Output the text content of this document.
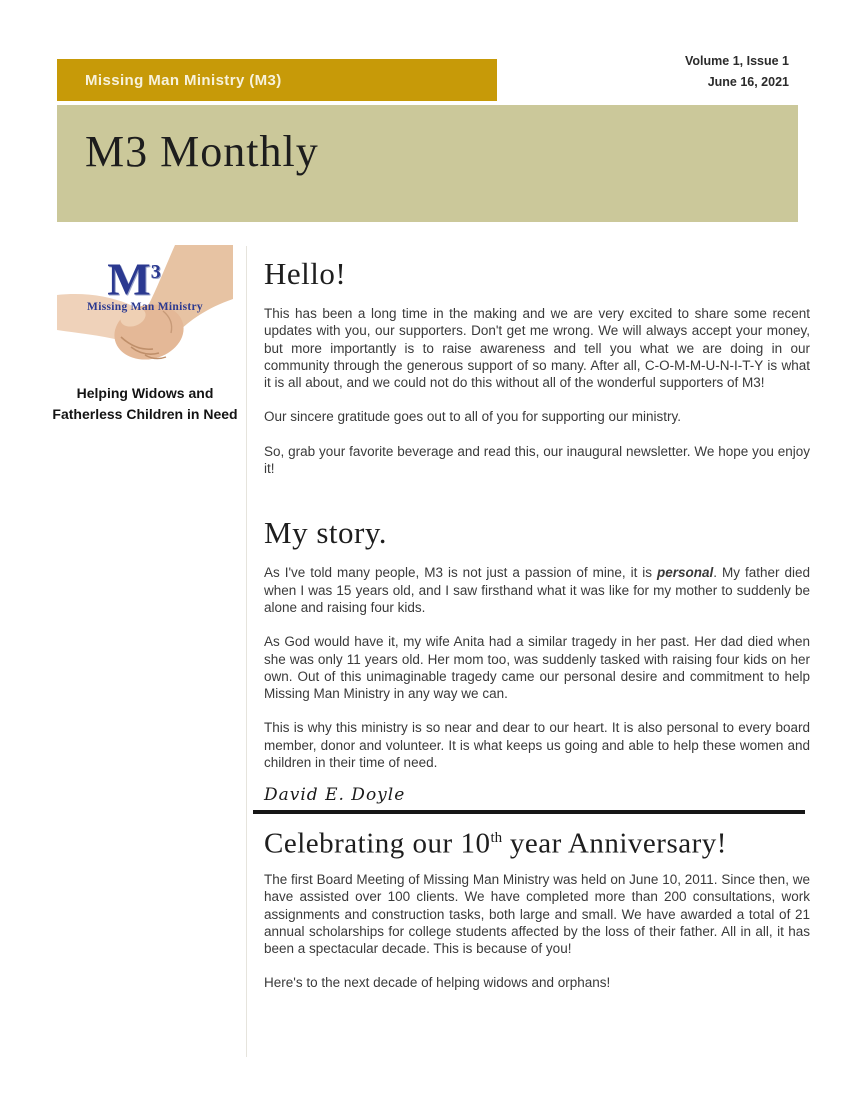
Volume 1, Issue 1
June 16, 2021
Missing Man Ministry (M3)
M3 Monthly
$M^3$
Missing Man Ministry
Helping Widows and Fatherless Children in Need
Hello!

This has been a long time in the making and we are very excited to share some recent updates with you, our supporters. Don't get me wrong. We will always accept your money, but more importantly is to raise awareness and tell you what we are doing in our community through the generous support of so many. After all, C-O-M-M-U-N-I-T-Y is what it is all about, and we could not do this without all of the wonderful supporters of M3!

Our sincere gratitude goes out to all of you for supporting our ministry.

So, grab your favorite beverage and read this, our inaugural newsletter. We hope you enjoy it!

My story.

As I've told many people, M3 is not just a passion of mine, it is personal. My father died when I was 15 years old, and I saw firsthand what it was like for my mother to suddenly be alone and raising four kids.

As God would have it, my wife Anita had a similar tragedy in her past. Her dad died when she was only 11 years old. Her mom too, was suddenly tasked with raising four kids on her own. Out of this unimaginable tragedy came our personal desire and commitment to help Missing Man Ministry in any way we can.

This is why this ministry is so near and dear to our heart. It is also personal to every board member, donor and volunteer. It is what keeps us going and able to help these women and children in their time of need.

David E. Doyle
Celebrating our 10th year Anniversary!

The first Board Meeting of Missing Man Ministry was held on June 10, 2011. Since then, we have assisted over 100 clients. We have completed more than 200 consultations, work assignments and construction tasks, both large and small. We have awarded a total of 21 annual scholarships for college students affected by the loss of their father. All in all, it has been a spectacular decade. This is because of you!

Here's to the next decade of helping widows and orphans!
